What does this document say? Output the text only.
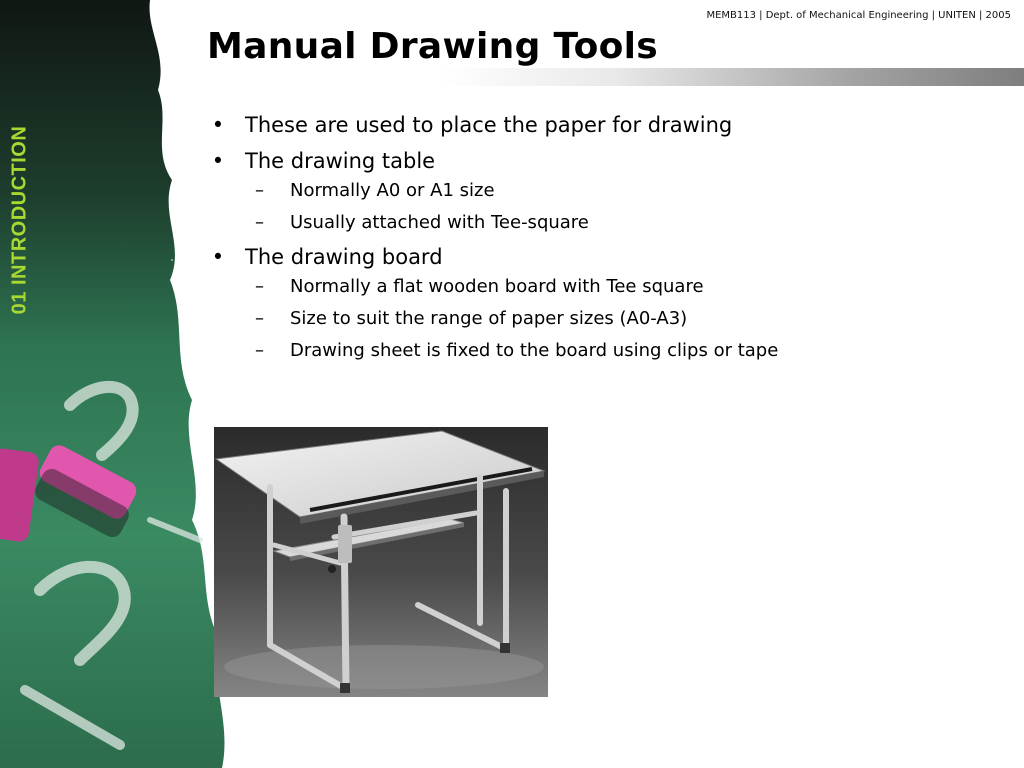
01 INTRODUCTION
MEMB113 | Dept. of Mechanical Engineering | UNITEN | 2005
Manual Drawing Tools
• These are used to place the paper for drawing
• The drawing table
– Normally A0 or A1 size
– Usually attached with Tee-square
• The drawing board
– Normally a flat wooden board with Tee square
– Size to suit the range of paper sizes (A0-A3)
– Drawing sheet is fixed to the board using clips or tape
